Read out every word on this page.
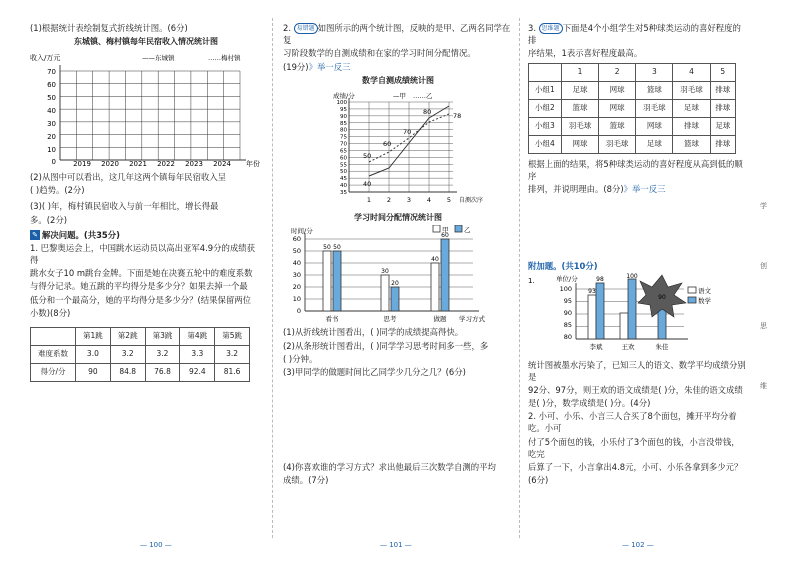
(1)根据统计表绘制复式折线统计图。(6分)
东城镇、梅村镇每年民宿收入情况统计图
收入/万元	——东城镇	……梅村镇
70
60
50
40
30
20
10
0 2019 2020 2021 2022 2023 2024 年份
(2)从图中可以看出，这几年这两个镇每年民宿收入呈
( )趋势。(2分)
(3)( )年，梅村镇民宿收入与前一年相比，增长得最
多。(2分)
✎ 解决问题。(共35分)
1. 巴黎奥运会上，中国跳水运动员以高出亚军4.9分的成绩获得
跳水女子10 m跳台金牌。下面是她在决赛五轮中的难度系数
与得分记录。她五跳的平均得分是多少分？如果去掉一个最
低分和一个最高分，她的平均得分是多少分？(结果保留两位
小数)(8分)
	第1跳	第2跳	第3跳	第4跳	第5跳
难度系数	3.0	3.2	3.2	3.3	3.2
得分/分	90	84.8	76.8	92.4	81.6
— 100 —
2. 易错题 如图所示的两个统计图，反映的是甲、乙两名同学在复
习阶段数学的自测成绩和在家的学习时间分配情况。
(19分)》举一反三
数学自测成绩统计图
成绩/分	—甲 ……乙
100
95
90
85
80
75
70
65
60
55
50
45
40
35
1 2 3 4 5 自测次序
40
50
60
70
80	78
学习时间分配情况统计图
时间/分	甲 乙
60
50
40
30
20
10
0
50 50
30
20
40
60
看书	思考	做题 学习方式
(1)从折线统计图看出，( )同学的成绩提高得快。
(2)从条形统计图看出，( )同学学习思考时间多一些，多
( )分钟。
(3)甲同学的做题时间比乙同学少几分之几？(6分)
(4)你喜欢谁的学习方式？求出他最后三次数学自测的平均
成绩。(7分)
— 101 —
3. 思维题 下面是4个小组学生对5种球类运动的喜好程度的排
序结果，1表示喜好程度最高。
	1	2	3	4	5
小组1	足球	网球	篮球	羽毛球	排球
小组2	篮球	网球	羽毛球	足球	排球
小组3	羽毛球	篮球	网球	排球	足球
小组4	网球	羽毛球	足球	篮球	排球
根据上面的结果，将5种球类运动的喜好程度从高到低的顺序
排列，并说明理由。(8分)》举一反三
附加题。(共10分)
1.	单位/分
100
95
90
85
80
93
98	100
90
语文
数学
李斌	王欢	朱佳
统计图被墨水污染了，已知三人的语文、数学平均成绩分别是
92分、97分，则王欢的语文成绩是( )分，朱佳的语文成绩
是( )分，数学成绩是( )分。(4分)
2. 小可、小乐、小言三人合买了8个面包，摊开平均分着吃。小可
付了5个面包的钱，小乐付了3个面包的钱，小言没带钱，吃完
后算了一下，小言拿出4.8元，小可、小乐各拿到多少元？
(6分)
— 102 —
学
创
思
维
